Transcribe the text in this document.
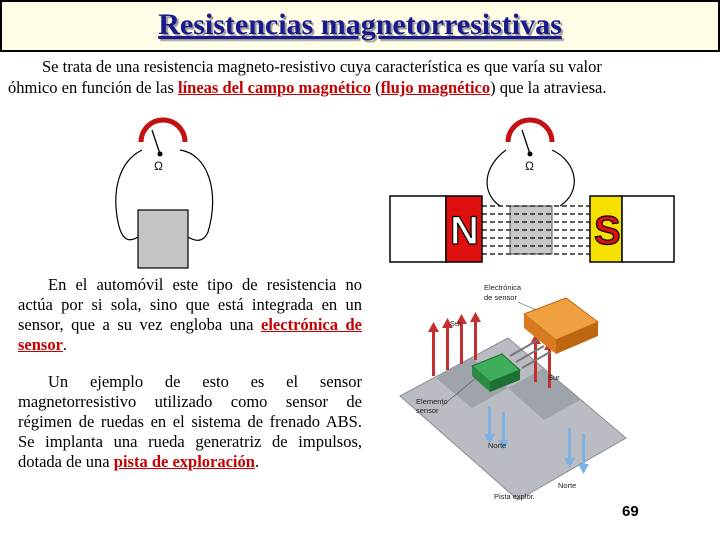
Resistencias magnetorresistivas

Se trata de una resistencia magneto-resistivo cuya característica es que varía su valor

óhmico en función de las líneas del campo magnético (flujo magnético) que la atraviesa.

Ω	Ω
N	S

En el automóvil este tipo de resistencia no actúa por si sola, sino que está integrada en un sensor, que a su vez engloba una electrónica de sensor.

Un ejemplo de esto es el sensor magnetorresistivo utilizado como sensor de régimen de ruedas en el sistema de frenado ABS. Se implanta una rueda generatriz de impulsos, dotada de una pista de exploración.

Electrónica
de sensor
Sur
Sur
Elemento
sensor
Norte
Norte
Pista explor.
69
